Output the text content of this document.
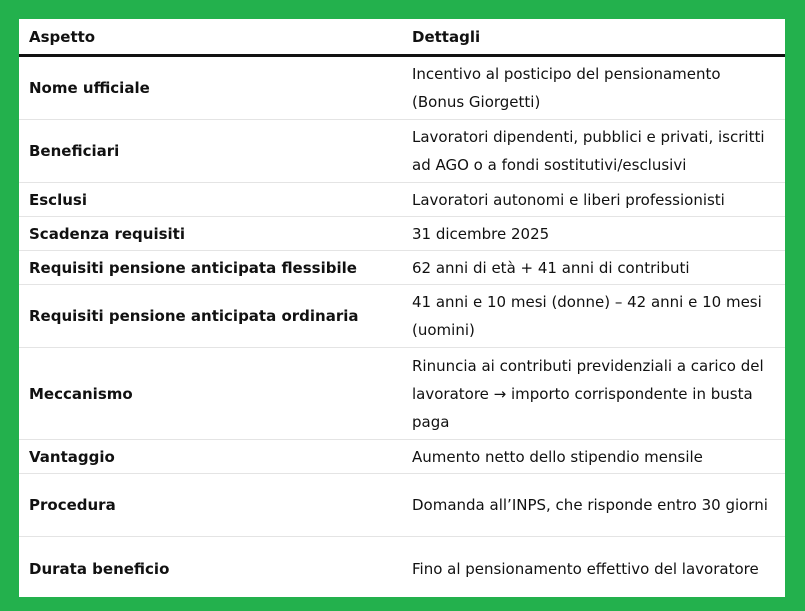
Aspetto	Dettagli
Nome ufficiale	Incentivo al posticipo del pensionamento (Bonus Giorgetti)
Beneficiari	Lavoratori dipendenti, pubblici e privati, iscritti ad AGO o a fondi sostitutivi/esclusivi
Esclusi	Lavoratori autonomi e liberi professionisti
Scadenza requisiti	31 dicembre 2025
Requisiti pensione anticipata flessibile	62 anni di età + 41 anni di contributi
Requisiti pensione anticipata ordinaria	41 anni e 10 mesi (donne) – 42 anni e 10 mesi (uomini)
Meccanismo	Rinuncia ai contributi previdenziali a carico del lavoratore → importo corrispondente in busta paga
Vantaggio	Aumento netto dello stipendio mensile
Procedura	Domanda all’INPS, che risponde entro 30 giorni
Durata beneficio	Fino al pensionamento effettivo del lavoratore
